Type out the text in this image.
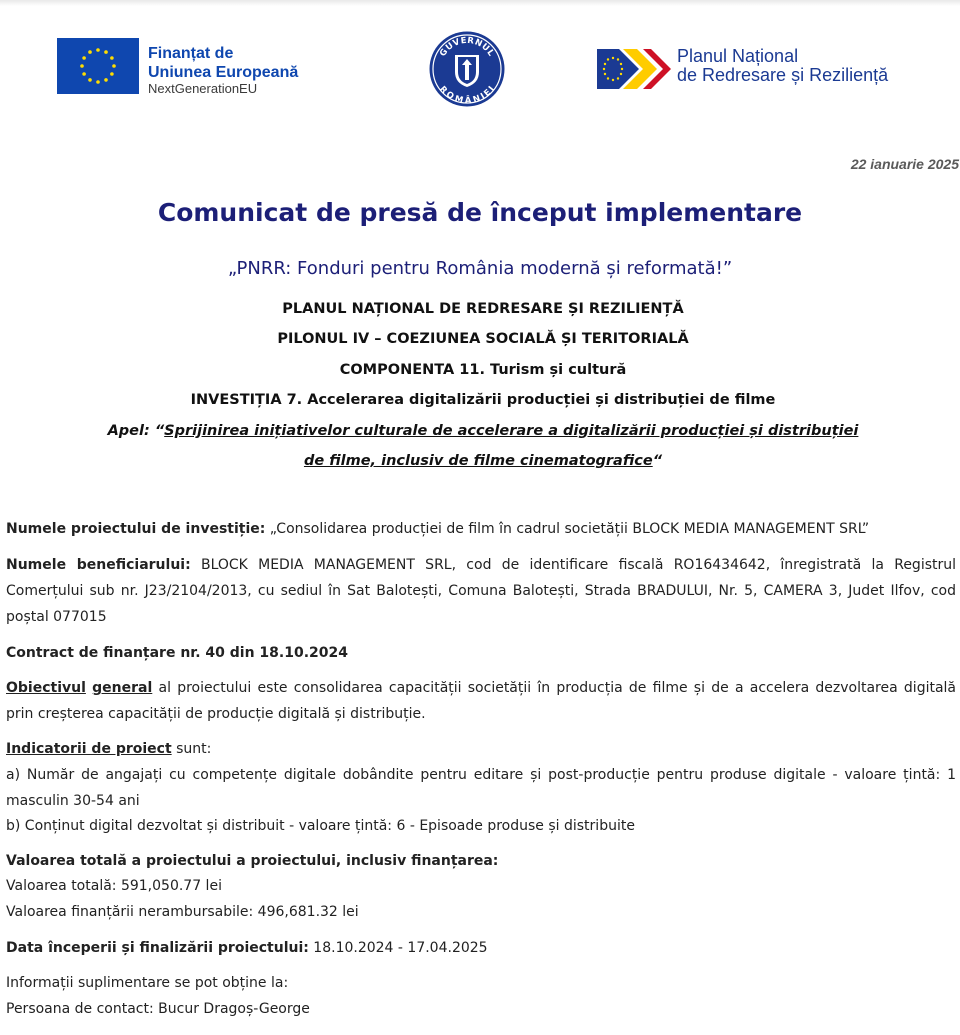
Finanțat de
Uniunea Europeană
NextGenerationEU
GUVERNUL
ROMÂNIEI
Planul Național
de Redresare și Reziliență
22 ianuarie 2025
Comunicat de presă de început implementare
„PNRR: Fonduri pentru România modernă și reformată!”
PLANUL NAȚIONAL DE REDRESARE ȘI REZILIENȚĂ
PILONUL IV – COEZIUNEA SOCIALĂ ȘI TERITORIALĂ
COMPONENTA 11. Turism și cultură
INVESTIȚIA 7. Accelerarea digitalizării producției și distribuției de filme
Apel: “Sprijinirea inițiativelor culturale de accelerare a digitalizării producției și distribuției
de filme, inclusiv de filme cinematografice“
Numele proiectului de investiție: „Consolidarea producției de film în cadrul societății BLOCK MEDIA MANAGEMENT SRL”
Numele beneficiarului: BLOCK MEDIA MANAGEMENT SRL, cod de identificare fiscală RO16434642, înregistrată la Registrul Comerțului sub nr. J23/2104/2013, cu sediul în Sat Balotești, Comuna Balotești, Strada BRADULUI, Nr. 5, CAMERA 3, Judet Ilfov, cod poștal 077015
Contract de finanțare nr. 40 din 18.10.2024
Obiectivul general al proiectului este consolidarea capacității societății în producția de filme și de a accelera dezvoltarea digitală prin creșterea capacității de producție digitală și distribuție.
Indicatorii de proiect sunt:
a) Număr de angajați cu competențe digitale dobândite pentru editare și post-producție pentru produse digitale - valoare țintă: 1 masculin 30-54 ani
b) Conținut digital dezvoltat și distribuit - valoare țintă: 6 - Episoade produse și distribuite
Valoarea totală a proiectului a proiectului, inclusiv finanțarea:
Valoarea totală: 591,050.77 lei
Valoarea finanțării nerambursabile: 496,681.32 lei
Data începerii și finalizării proiectului: 18.10.2024 - 17.04.2025
Informații suplimentare se pot obține la:
Persoana de contact: Bucur Dragoș-George
